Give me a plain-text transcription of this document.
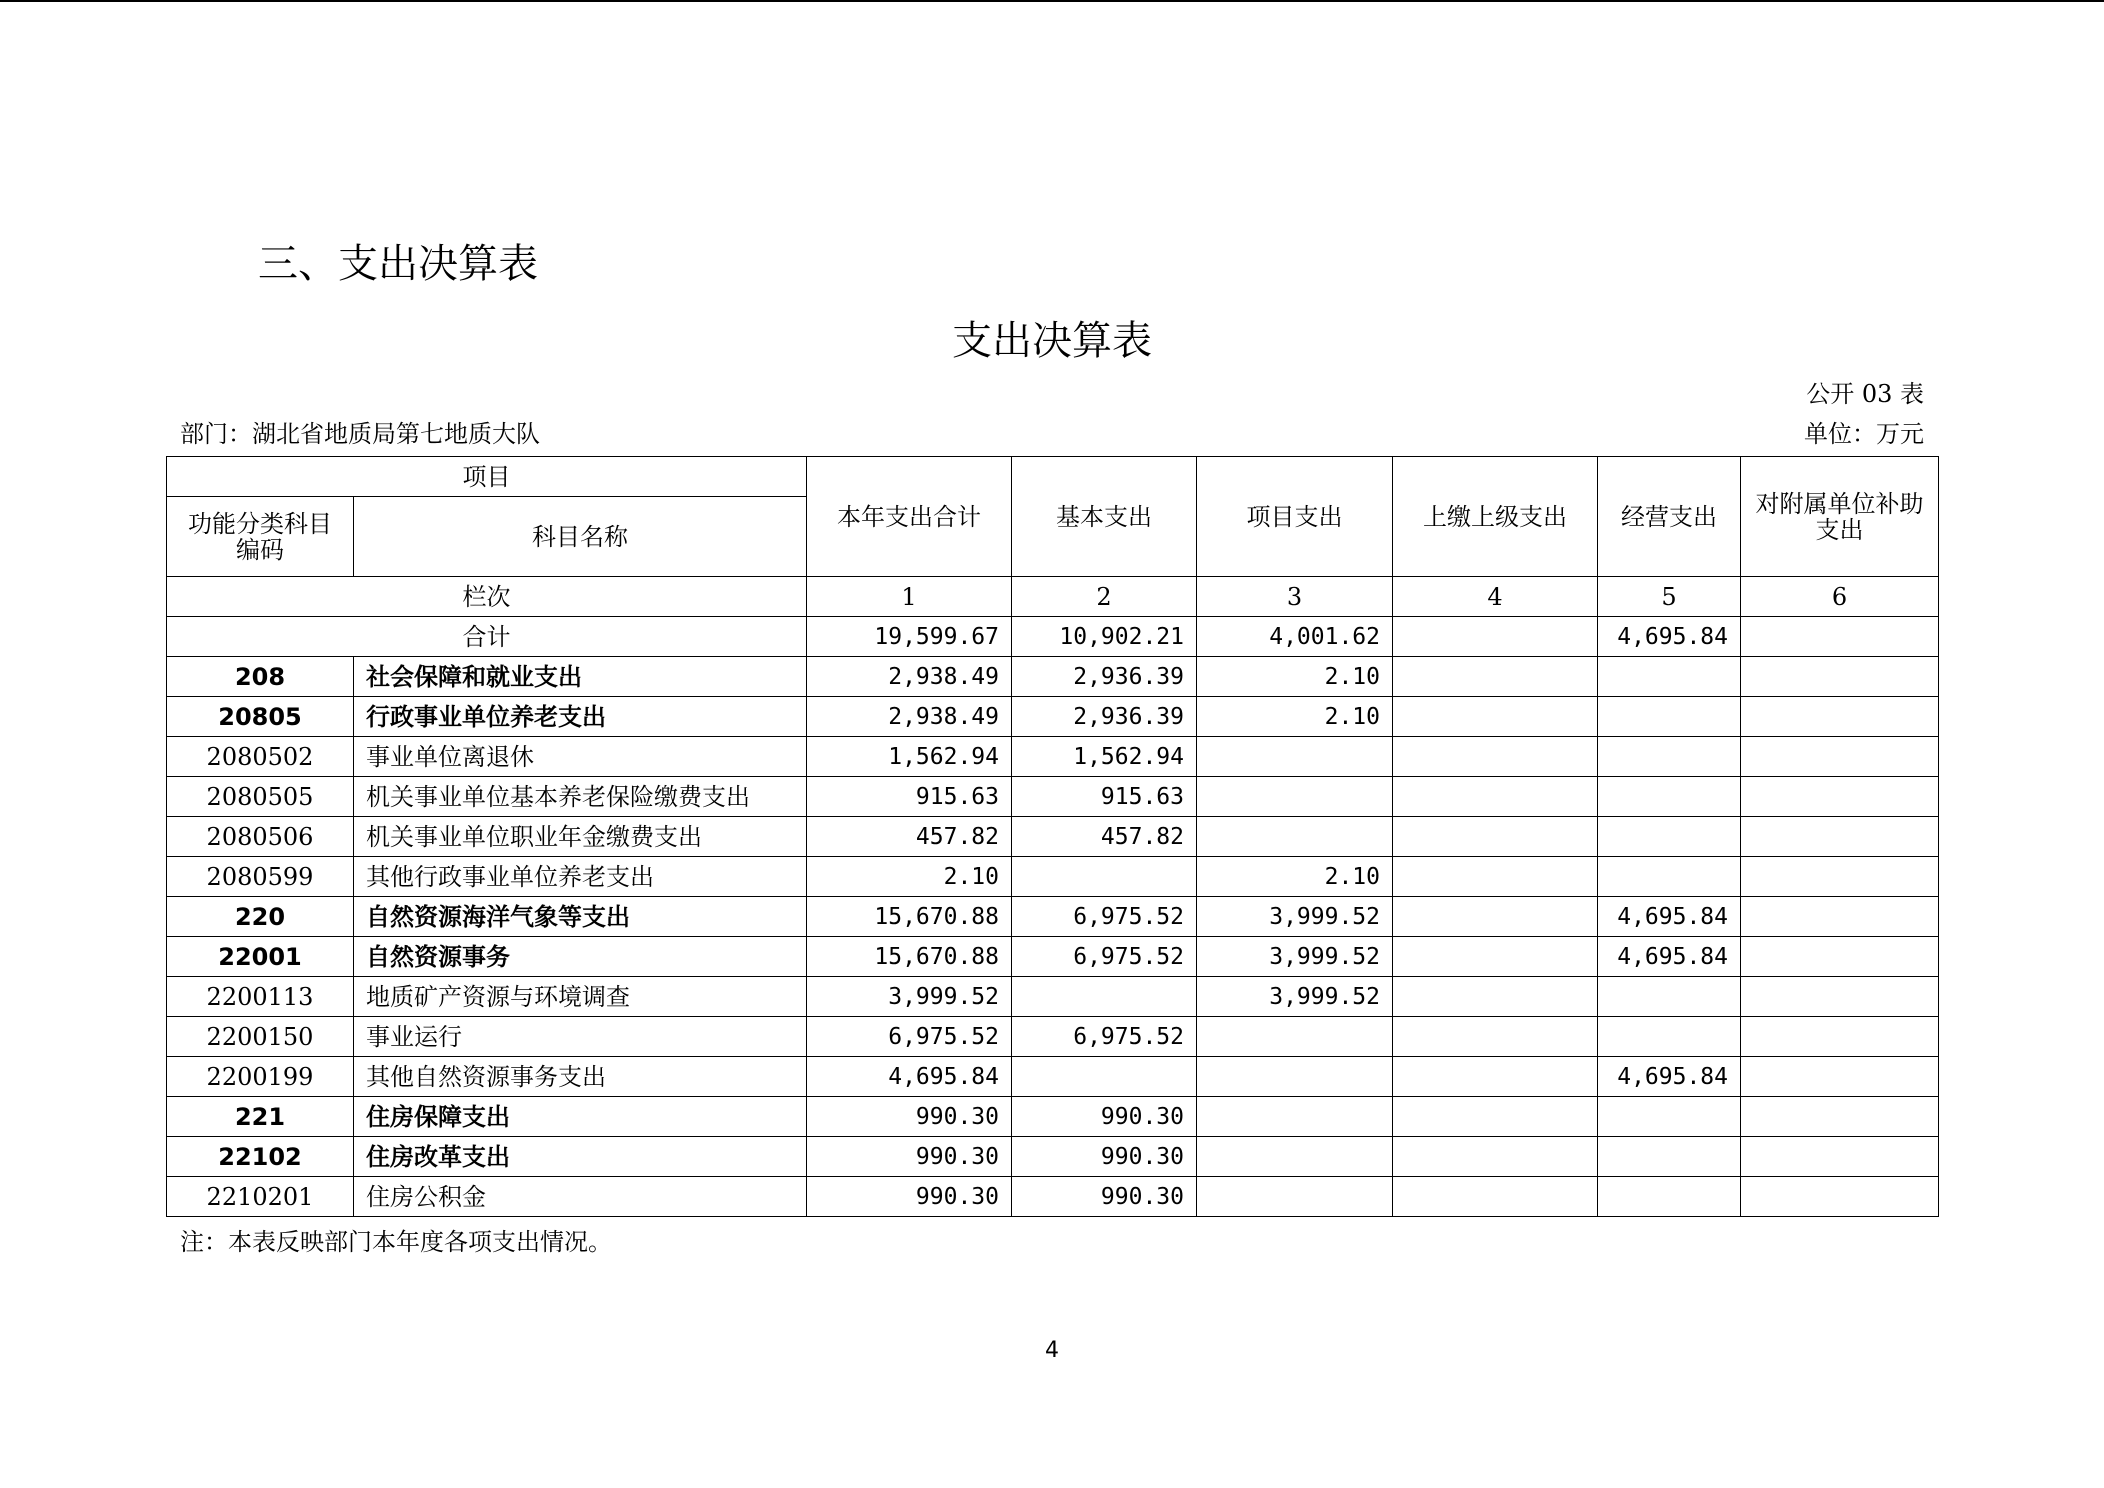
三、支出决算表
支出决算表
公开 03 表
部门：湖北省地质局第七地质大队	单位：万元
项目		本年支出合计	基本支出	项目支出	上缴上级支出	经营支出	对附属单位补助支出
功能分类科目编码	科目名称						
栏次		1	2	3	4	5	6
合计		19,599.67	10,902.21	4,001.62		4,695.84	
208	社会保障和就业支出	2,938.49	2,936.39	2.10			
20805	行政事业单位养老支出	2,938.49	2,936.39	2.10			
2080502	事业单位离退休	1,562.94	1,562.94				
2080505	机关事业单位基本养老保险缴费支出	915.63	915.63				
2080506	机关事业单位职业年金缴费支出	457.82	457.82				
2080599	其他行政事业单位养老支出	2.10		2.10			
220	自然资源海洋气象等支出	15,670.88	6,975.52	3,999.52		4,695.84	
22001	自然资源事务	15,670.88	6,975.52	3,999.52		4,695.84	
2200113	地质矿产资源与环境调查	3,999.52		3,999.52			
2200150	事业运行	6,975.52	6,975.52				
2200199	其他自然资源事务支出	4,695.84				4,695.84	
221	住房保障支出	990.30	990.30				
22102	住房改革支出	990.30	990.30				
2210201	住房公积金	990.30	990.30				
注：本表反映部门本年度各项支出情况。
4
